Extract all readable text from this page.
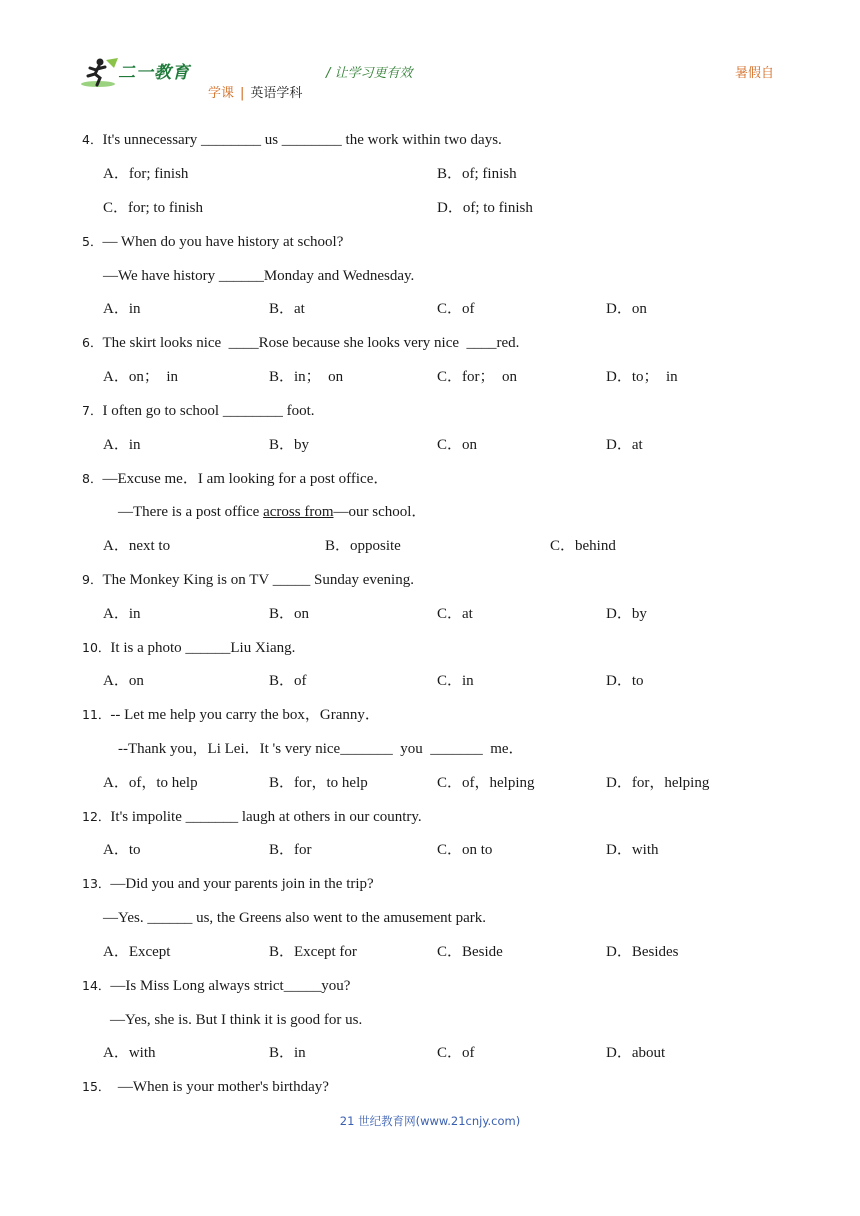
二一教育	/ 让学习更有效
学课 | 英语学科
暑假自
4．It's unnecessary ________ us ________ the work within two days.
A．for; finish	B．of; finish
C．for; to finish	D．of; to finish
5．— When do you have history at school?
—We have history ______Monday and Wednesday.
A．in	B．at	C．of	D．on
6．The skirt looks nice  ____Rose because she looks very nice  ____red.
A．on；  in	B．in；  on	C．for；  on	D．to；  in
7．I often go to school ________ foot.
A．in	B．by	C．on	D．at
8．—Excuse me．I am looking for a post office．
—There is a post office across from—our school．
A．next to	B．opposite	C．behind
9．The Monkey King is on TV _____ Sunday evening.
A．in	B．on	C．at	D．by
10．It is a photo ______Liu Xiang.
A．on	B．of	C．in	D．to
11．-- Let me help you carry the box，Granny．
--Thank you，Li Lei．It 's very nice_______  you  _______  me．
A．of，to help	B．for，to help	C．of，helping	D．for，helping
12．It's impolite _______ laugh at others in our country.
A．to	B．for	C．on to	D．with
13．—Did you and your parents join in the trip?
—Yes. ______ us, the Greens also went to the amusement park.
A．Except	B．Except for	C．Beside	D．Besides
14．—Is Miss Long always strict_____you?
—Yes, she is. But I think it is good for us.
A．with	B．in	C．of	D．about
15．  —When is your mother's birthday?
21 世纪教育网(www.21cnjy.com)
